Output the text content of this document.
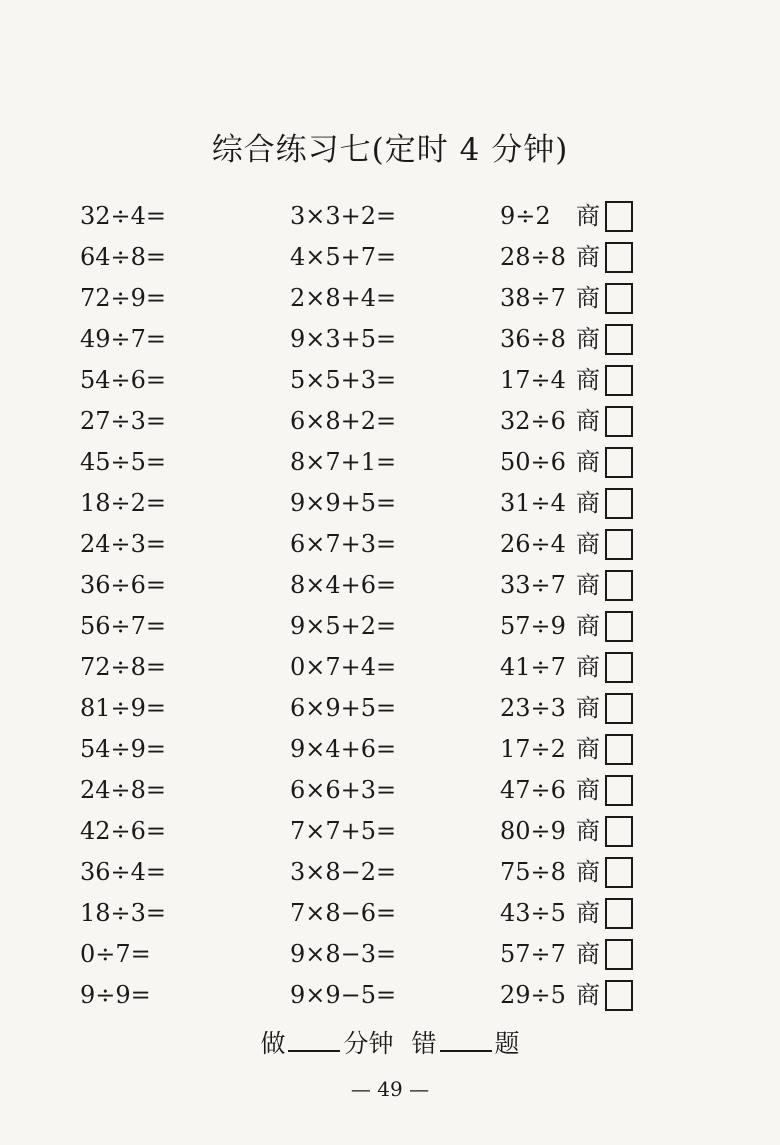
综合练习七(定时 4 分钟)
32÷4=	3×3+2=	9÷2 商
64÷8=	4×5+7=	28÷8 商
72÷9=	2×8+4=	38÷7 商
49÷7=	9×3+5=	36÷8 商
54÷6=	5×5+3=	17÷4 商
27÷3=	6×8+2=	32÷6 商
45÷5=	8×7+1=	50÷6 商
18÷2=	9×9+5=	31÷4 商
24÷3=	6×7+3=	26÷4 商
36÷6=	8×4+6=	33÷7 商
56÷7=	9×5+2=	57÷9 商
72÷8=	0×7+4=	41÷7 商
81÷9=	6×9+5=	23÷3 商
54÷9=	9×4+6=	17÷2 商
24÷8=	6×6+3=	47÷6 商
42÷6=	7×7+5=	80÷9 商
36÷4=	3×8−2=	75÷8 商
18÷3=	7×8−6=	43÷5 商
0÷7=	9×8−3=	57÷7 商
9÷9=	9×9−5=	29÷5 商
做 分钟 错 题
— 49 —
